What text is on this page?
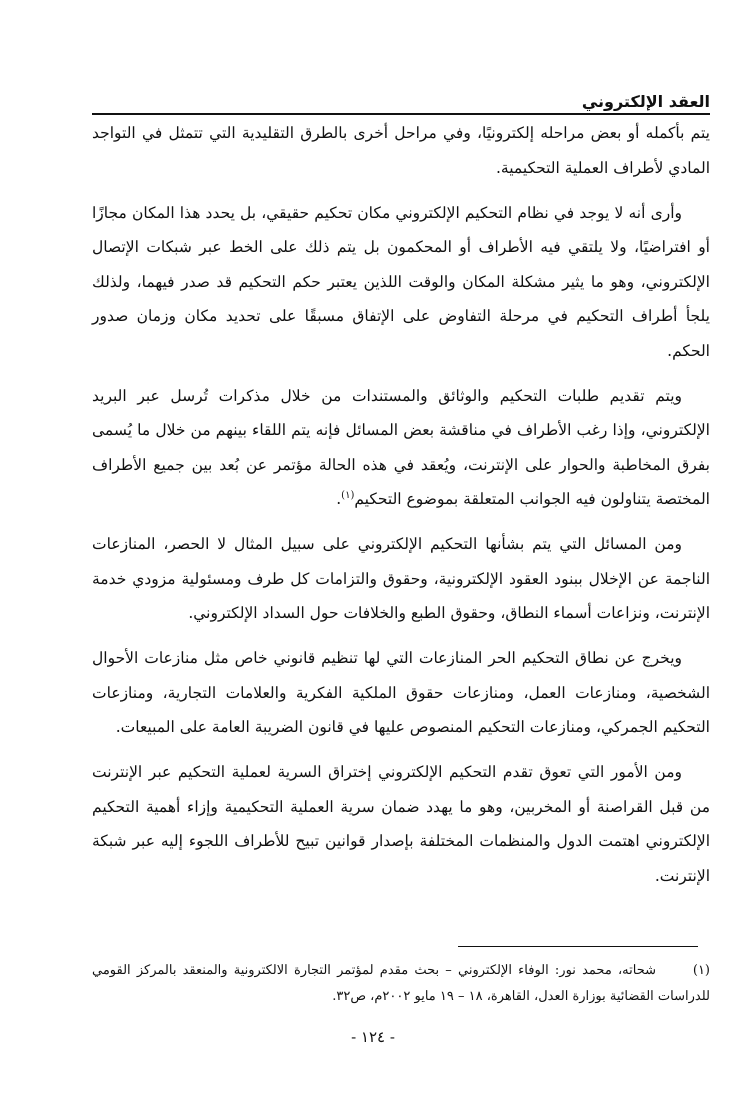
العقد الإلكتروني

يتم بأكمله أو بعض مراحله إلكترونيًا، وفي مراحل أخرى بالطرق التقليدية التي تتمثل في التواجد المادي لأطراف العملية التحكيمية.

وأرى أنه لا يوجد في نظام التحكيم الإلكتروني مكان تحكيم حقيقي، بل يحدد هذا المكان مجازًا أو افتراضيًا، ولا يلتقي فيه الأطراف أو المحكمون بل يتم ذلك على الخط عبر شبكات الإتصال الإلكتروني، وهو ما يثير مشكلة المكان والوقت اللذين يعتبر حكم التحكيم قد صدر فيهما، ولذلك يلجأ أطراف التحكيم في مرحلة التفاوض على الإتفاق مسبقًا على تحديد مكان وزمان صدور الحكم.

ويتم تقديم طلبات التحكيم والوثائق والمستندات من خلال مذكرات تُرسل عبر البريد الإلكتروني، وإذا رغب الأطراف في مناقشة بعض المسائل فإنه يتم اللقاء بينهم من خلال ما يُسمى بفرق المخاطبة والحوار على الإنترنت، ويُعقد في هذه الحالة مؤتمر عن بُعد بين جميع الأطراف المختصة يتناولون فيه الجوانب المتعلقة بموضوع التحكيم$^{(١)}$.

ومن المسائل التي يتم بشأنها التحكيم الإلكتروني على سبيل المثال لا الحصر، المنازعات الناجمة عن الإخلال ببنود العقود الإلكترونية، وحقوق والتزامات كل طرف ومسئولية مزودي خدمة الإنترنت، ونزاعات أسماء النطاق، وحقوق الطبع والخلافات حول السداد الإلكتروني.

ويخرج عن نطاق التحكيم الحر المنازعات التي لها تنظيم قانوني خاص مثل منازعات الأحوال الشخصية، ومنازعات العمل، ومنازعات حقوق الملكية الفكرية والعلامات التجارية، ومنازعات التحكيم الجمركي، ومنازعات التحكيم المنصوص عليها في قانون الضريبة العامة على المبيعات.

ومن الأمور التي تعوق تقدم التحكيم الإلكتروني إختراق السرية لعملية التحكيم عبر الإنترنت من قبل القراصنة أو المخربين، وهو ما يهدد ضمان سرية العملية التحكيمية وإزاء أهمية التحكيم الإلكتروني اهتمت الدول والمنظمات المختلفة بإصدار قوانين تبيح للأطراف اللجوء إليه عبر شبكة الإنترنت.

(١)شحاته، محمد نور: الوفاء الإلكتروني – بحث مقدم لمؤتمر التجارة الالكترونية والمنعقد بالمركز القومي للدراسات القضائية بوزارة العدل، القاهرة، ١٨ – ١٩ مايو ٢٠٠٢م، ص٣٢.
- ١٢٤ -
